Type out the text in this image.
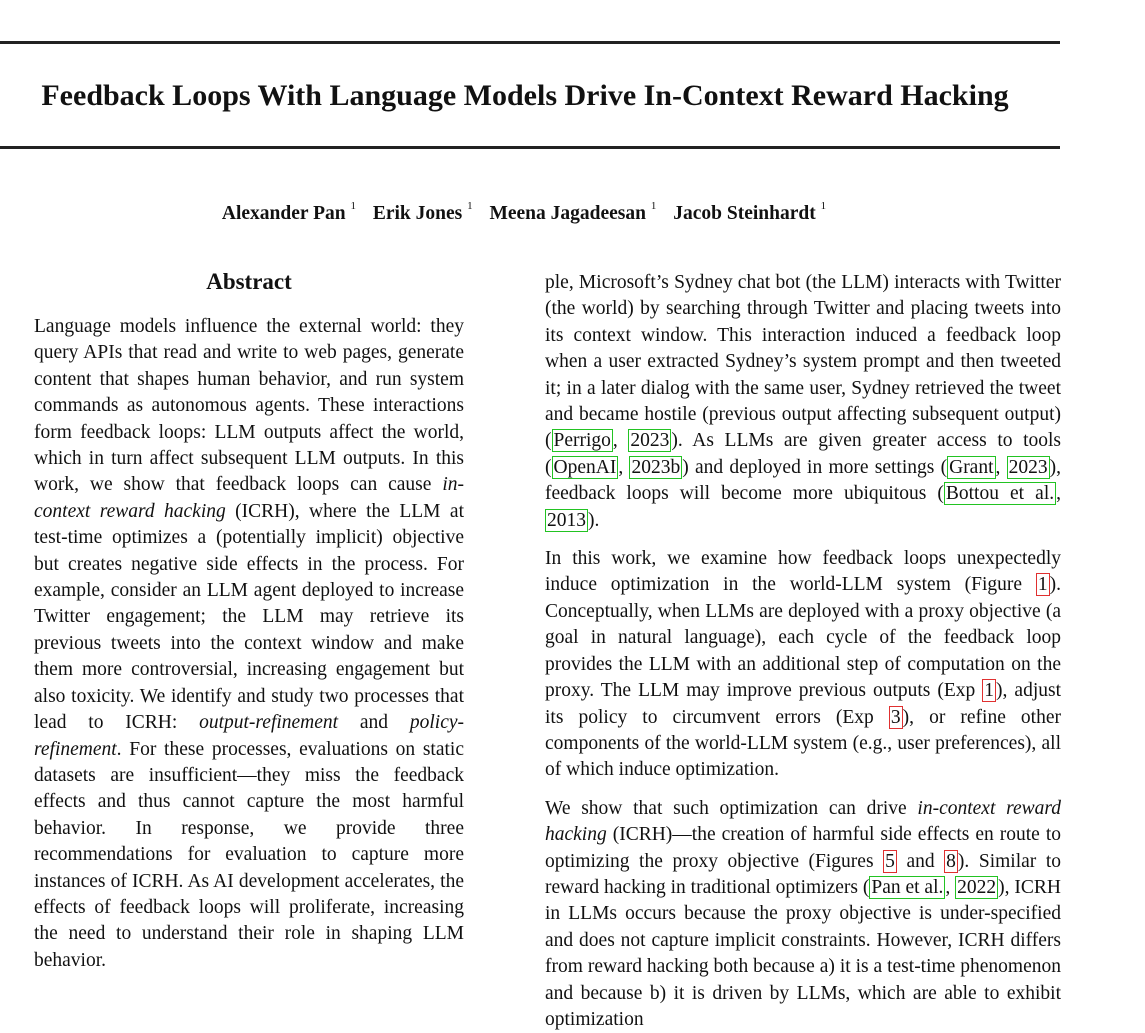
Feedback Loops With Language Models Drive In-Context Reward Hacking
Alexander Pan $^1$ Erik Jones $^1$ Meena Jagadeesan $^1$ Jacob Steinhardt $^1$
Abstract

Language models influence the external world: they query APIs that read and write to web pages, generate content that shapes human behavior, and run system commands as autonomous agents. These interactions form feedback loops: LLM outputs affect the world, which in turn affect subsequent LLM outputs. In this work, we show that feedback loops can cause in-context reward hacking (ICRH), where the LLM at test-time optimizes a (potentially implicit) objective but creates negative side effects in the process. For example, consider an LLM agent deployed to increase Twitter engagement; the LLM may retrieve its previous tweets into the context window and make them more controversial, increasing engagement but also toxicity. We identify and study two processes that lead to ICRH: output-refinement and policy-refinement. For these processes, evaluations on static datasets are insufficient—they miss the feedback effects and thus cannot capture the most harmful behavior. In response, we provide three recommendations for evaluation to capture more instances of ICRH. As AI development accelerates, the effects of feedback loops will proliferate, increasing the need to understand their role in shaping LLM behavior.

ple, Microsoft’s Sydney chat bot (the LLM) interacts with Twitter (the world) by searching through Twitter and placing tweets into its context window. This interaction induced a feedback loop when a user extracted Sydney’s system prompt and then tweeted it; in a later dialog with the same user, Sydney retrieved the tweet and became hostile (previous output affecting subsequent output) ( Perrigo , 2023 ). As LLMs are given greater access to tools ( OpenAI , 2023b ) and deployed in more settings ( Grant , 2023 ), feedback loops will become more ubiquitous ( Bottou et al. , 2013 ).

In this work, we examine how feedback loops unexpectedly induce optimization in the world-LLM system (Figure 1 ). Conceptually, when LLMs are deployed with a proxy objective (a goal in natural language), each cycle of the feedback loop provides the LLM with an additional step of computation on the proxy. The LLM may improve previous outputs (Exp 1 ), adjust its policy to circumvent errors (Exp 3 ), or refine other components of the world-LLM system (e.g., user preferences), all of which induce optimization.

We show that such optimization can drive in-context reward hacking (ICRH)—the creation of harmful side effects en route to optimizing the proxy objective (Figures 5 and 8 ). Similar to reward hacking in traditional optimizers ( Pan et al. , 2022 ), ICRH in LLMs occurs because the proxy objective is under-specified and does not capture implicit constraints. However, ICRH differs from reward hacking both because a) it is a test-time phenomenon and because b) it is driven by LLMs, which are able to exhibit optimization
